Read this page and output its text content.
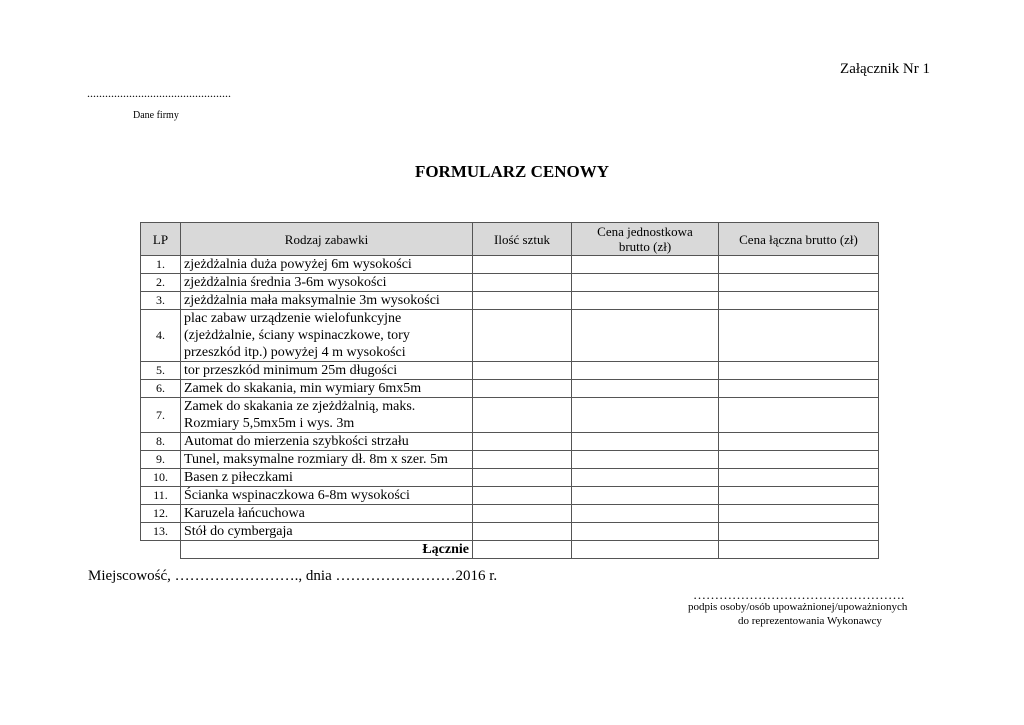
Załącznik Nr 1
................................................
Dane firmy
FORMULARZ CENOWY
LP	Rodzaj zabawki	Ilość sztuk	Cena jednostkowa
brutto (zł)	Cena łączna brutto (zł)
1.	zjeżdżalnia duża powyżej 6m wysokości			
2.	zjeżdżalnia średnia 3-6m wysokości			
3.	zjeżdżalnia mała maksymalnie 3m wysokości			
4.	plac zabaw urządzenie wielofunkcyjne
(zjeżdżalnie, ściany wspinaczkowe, tory
przeszkód itp.) powyżej 4 m wysokości			
5.	tor przeszkód minimum 25m długości			
6.	Zamek do skakania, min wymiary 6mx5m			
7.	Zamek do skakania ze zjeżdżalnią, maks.
Rozmiary 5,5mx5m i wys. 3m			
8.	Automat do mierzenia szybkości strzału			
9.	Tunel, maksymalne rozmiary dł. 8m x szer. 5m			
10.	Basen z piłeczkami			
11.	Ścianka wspinaczkowa 6-8m wysokości			
12.	Karuzela łańcuchowa			
13.	Stół do cymbergaja			
	Łącznie			
Miejscowość, ……………………., dnia ……………………2016 r.
………………………………………….
podpis osoby/osób upoważnionej/upoważnionych
do reprezentowania Wykonawcy
